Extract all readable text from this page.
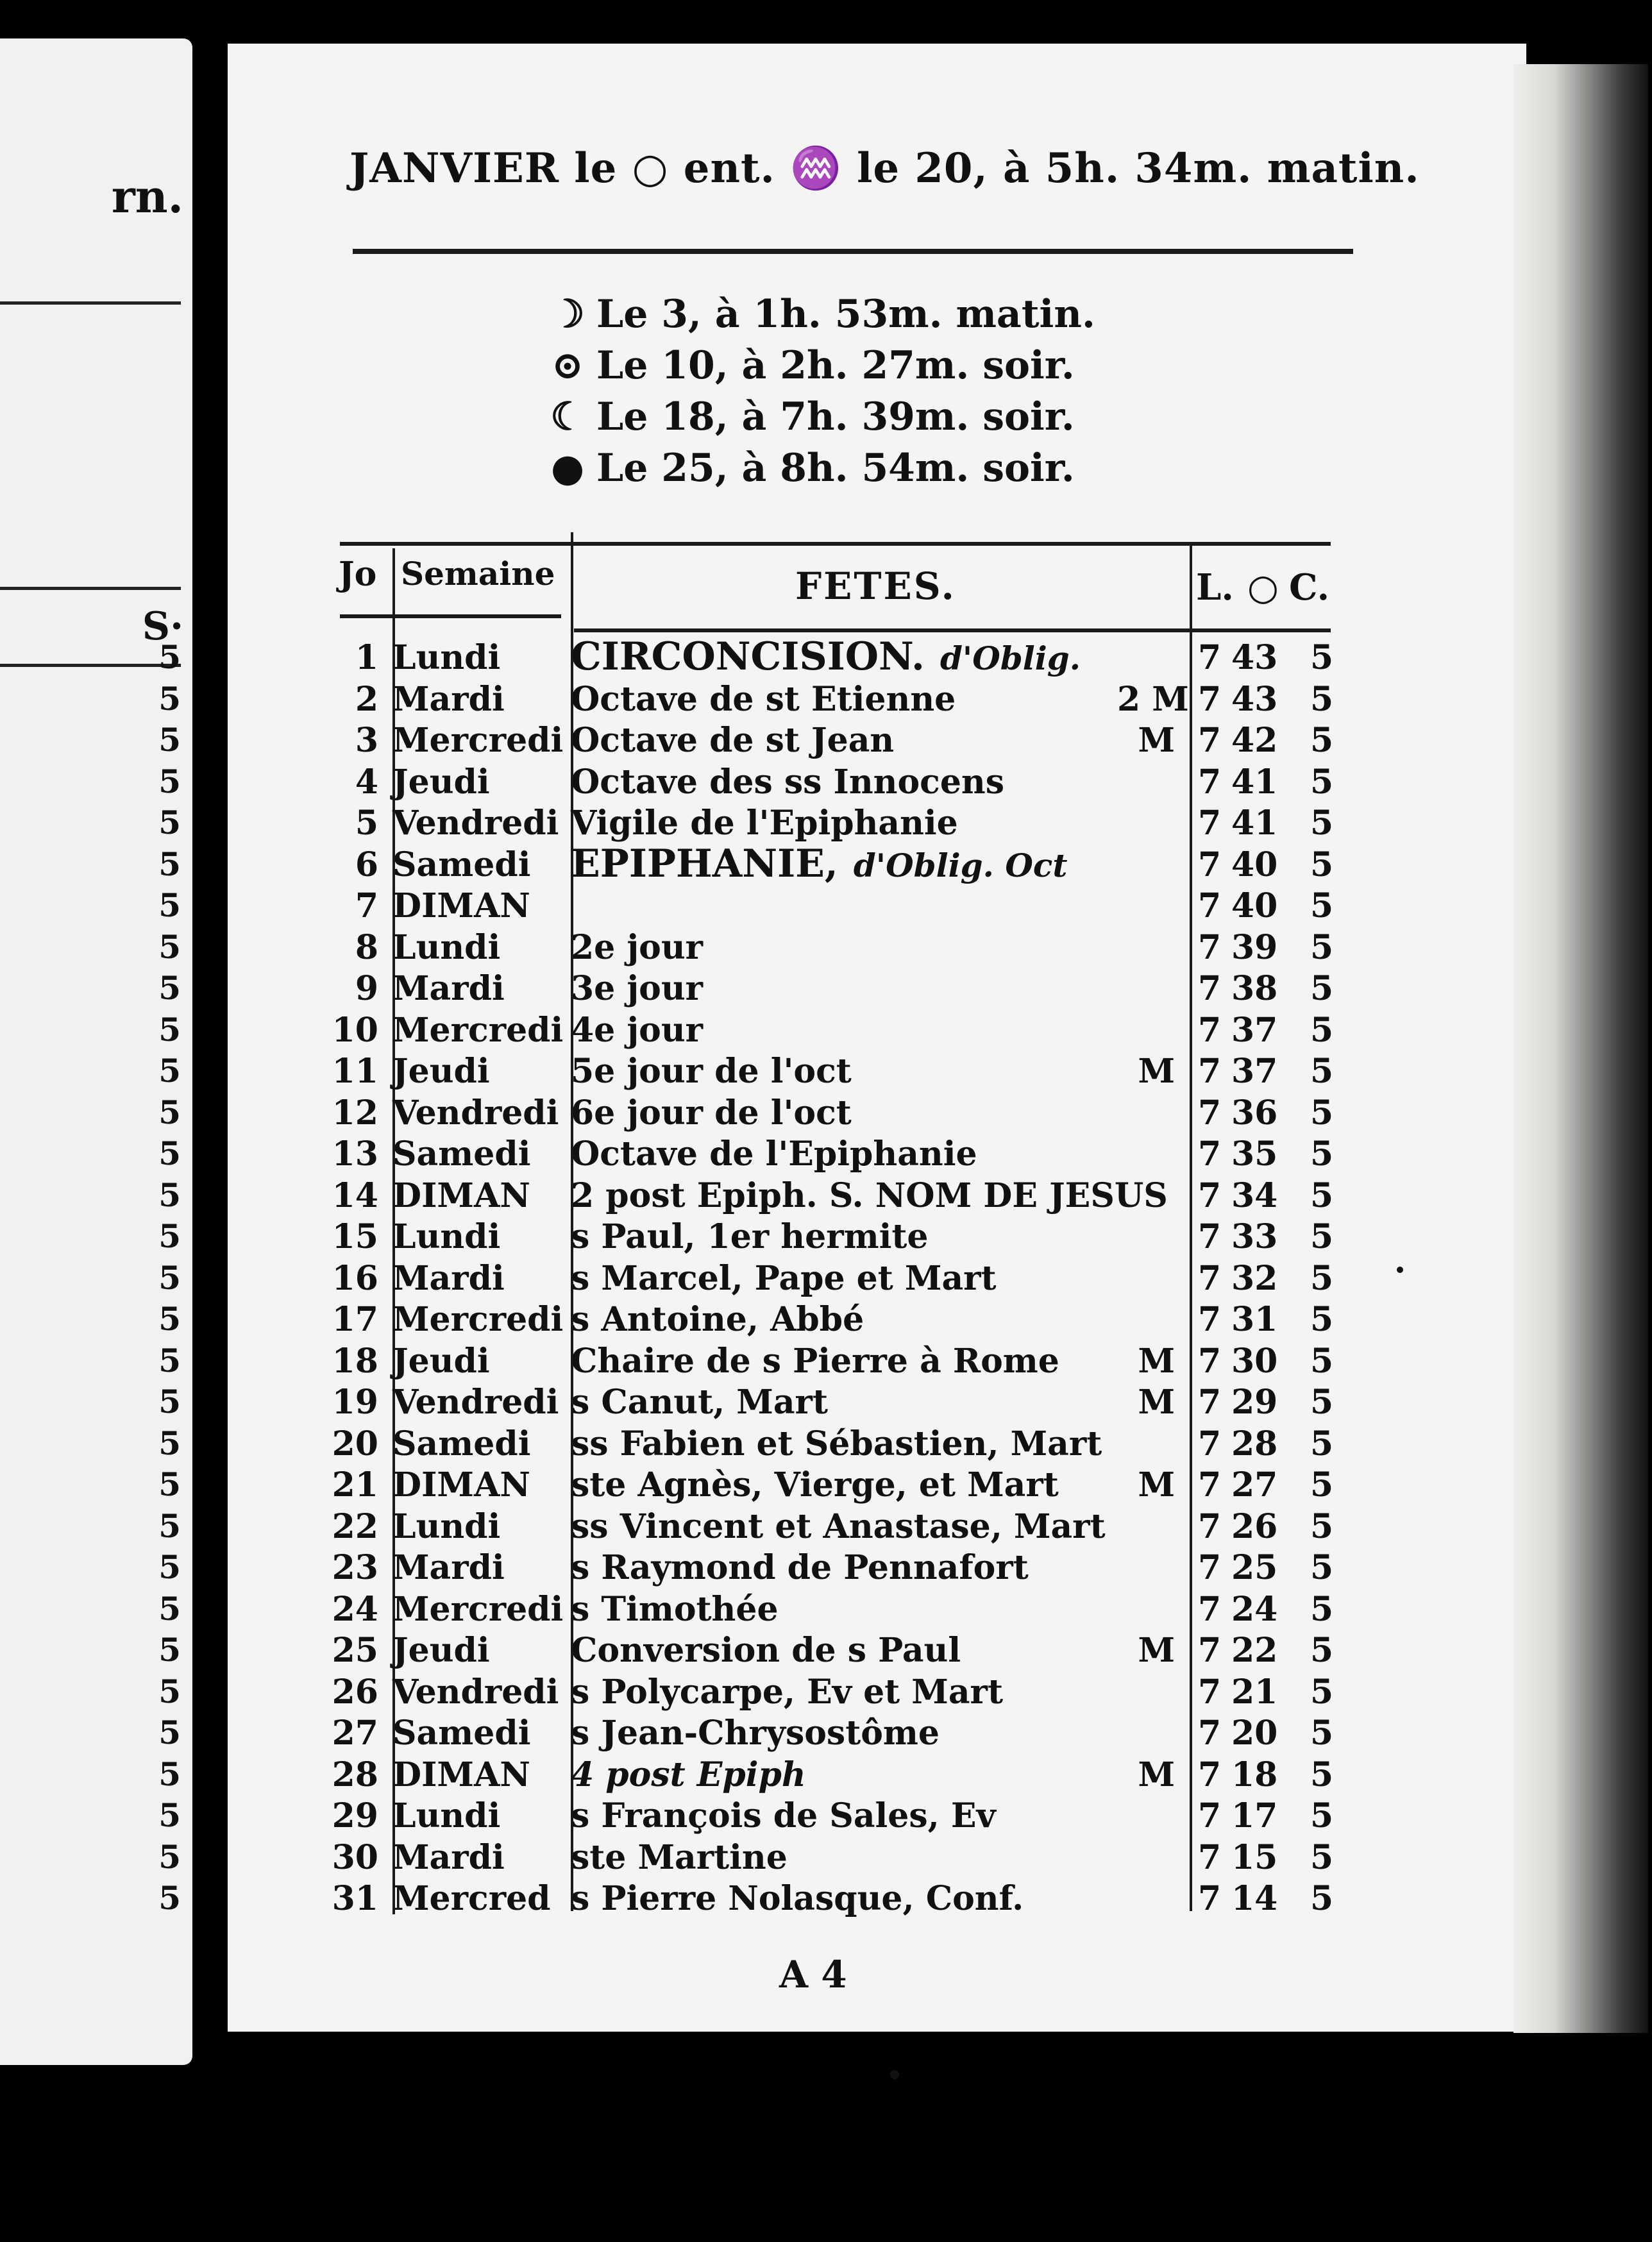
rn.
S·
5
5
5
5
5
5
5
5
5
5
5
5
5
5
5
5
5
5
5
5
5
5
5
5
5
5
5
5
5
5
5
JANVIER le ○ ent. ♒ le 20, à 5h. 34m. matin.
☽ Le 3, à 1h. 53m. matin.
⊙ Le 10, à 2h. 27m. soir.
☾ Le 18, à 7h. 39m. soir.
● Le 25, à 8h. 54m. soir.
Jo Semaine	FETES.	L. ○ C.
1 Lundi CIRCONCISION. d'Oblig.	7 43 5
2 Mardi Octave de st Etienne	2 M 7 43 5
3 Mercredi Octave de st Jean	M 7 42 5
4 Jeudi Octave des ss Innocens	7 41 5
5 Vendredi Vigile de l'Epiphanie	7 41 5
6 Samedi EPIPHANIE, d'Oblig. Oct	7 40 5
7 DIMAN	7 40 5
8 Lundi 2e jour	7 39 5
9 Mardi 3e jour	7 38 5
10 Mercredi 4e jour	7 37 5
11 Jeudi 5e jour de l'oct	M 7 37 5
12 Vendredi 6e jour de l'oct	7 36 5
13 Samedi Octave de l'Epiphanie	7 35 5
14 DIMAN 2 post Epiph. S. NOM DE JESUS 7 34 5
15 Lundi s Paul, 1er hermite	7 33 5
16 Mardi s Marcel, Pape et Mart	7 32 5
17 Mercredi s Antoine, Abbé	7 31 5
18 Jeudi Chaire de s Pierre à Rome	M 7 30 5
19 Vendredi s Canut, Mart	M 7 29 5
20 Samedi ss Fabien et Sébastien, Mart	7 28 5
21 DIMAN ste Agnès, Vierge, et Mart	M 7 27 5
22 Lundi ss Vincent et Anastase, Mart	7 26 5
23 Mardi s Raymond de Pennafort	7 25 5
24 Mercredi s Timothée	7 24 5
25 Jeudi Conversion de s Paul	M 7 22 5
26 Vendredi s Polycarpe, Ev et Mart	7 21 5
27 Samedi s Jean-Chrysostôme	7 20 5
28 DIMAN 4 post Epiph	M 7 18 5
29 Lundi s François de Sales, Ev	7 17 5
30 Mardi ste Martine	7 15 5
31 Mercred s Pierre Nolasque, Conf.	7 14 5
A 4
